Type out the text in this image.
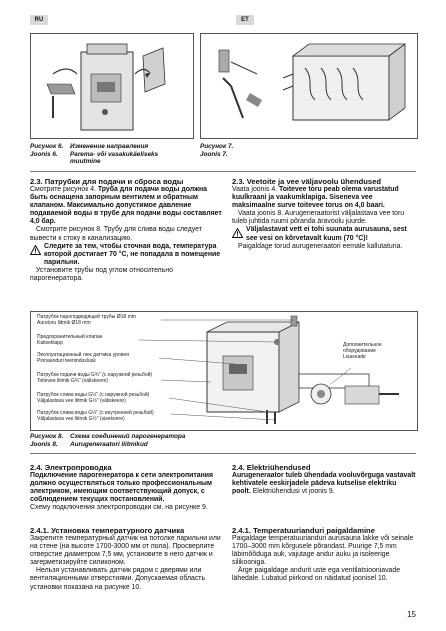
RU	ET
Рисунок 6.	Изменение направления
Joonis 6.	Parema- või vasakukäeliseks
muutmine
Рисунок 7.
Joonis 7.

2.3. Патрубки для подачи и сброса воды

Смотрите рисунок 4. Труба для подачи воды должна быть оснащена запорным вентилем и обратным клапаном. Максимально допустимое давление подаваемой воды в трубе для подачи воды составляет 4,0 бар.

Смотрите рисунок 8. Трубу для слива воды следует вывести к стоку в канализацию.

Следите за тем, чтобы сточная вода, температура которой достигает 70 °С, не попадала в помещение парильни.

Установите трубы под углом относительно парогенератора.

2.3. Veetoite ja vee väljavoolu ühendused

Vaata joonis 4. Toitevee toru peab olema varustatud kuulkraani ja vaakumklapiga. Siseneva vee maksimaalne surve toitevee torus on 4,0 baari.

Vaata joonis 8. Aurugeneraatorist väljalastava vee toru tuleb juhtida ruumi põranda äravoolu juurde.

Väljalastavat vett ei tohi suunata aurusauna, sest see vesi on kõrvetavalt kuum (70 °C)!

Paigaldage torud aurugeneraatori eemale kallutatuna.

Патрубок пароподводящей трубы Ø18 mm
Aurutoru liitmik Ø18 mm
Предохранительный клапан
Kaitseklapp
Эксплуатационный люк датчика уровня
Pinnaanduri teenindusluuk
Патрубок подачи воды G¾" (с наружной резьбой)
Toitevee liitmik G¾" (väliskeere)
Патрубок слива воды G½" (с наружной резьбой)
Väljalastava vee liitmik G½" (väliskeere)
Патрубок слива воды G½" (с внутренней резьбой)
Väljalastava vee liitmik G½" (sisekeere)
Дополнительное
оборудование
Lisaseade
Рисунок 8.	Схема соединений парогенератора
Joonis 8.	Aurugeneraatori liitmikud

2.4. Электропроводка

Подключение парогенератора к сети электропитания должно осуществляться только профессиональным электриком, имеющим соответствующий допуск, с соблюдением текущих постановлений.

Схему подключения электропроводки см. на рисунке 9.

2.4. Elektriühendused

Aurugeneraator tuleb ühendada vooluvõrguga vastavalt kehtivatele eeskirjadele pädeva kutselise elektriku poolt. Elektriühendusi vt joonis 9.

2.4.1. Установка температурного датчика

Закрепите температурный датчик на потолке парильни или на стене (на высоте 1700-3000 мм от пола). Просверлите отверстие диаметром 7,5 мм, установите в него датчик и загерметизируйте силиконом.

Нельзя устанавливать датчик рядом с дверями или вентиляционными отверстиями. Допускаемая область установки показана на рисунке 10.

2.4.1. Temperatuurianduri paigaldamine

Paigaldage temperatuurianduri aurusauna lakke või seinale 1700–3000 mm kõrgusele põrandast. Puurige 7,5 mm läbimõõduga auk, vajutage andur auku ja isoleerige silikooniga.

Ärge paigaldage andurit uste ega ventilatsiooniavade lähedale. Lubatud piirkond on näidatud joonisel 10.

15
